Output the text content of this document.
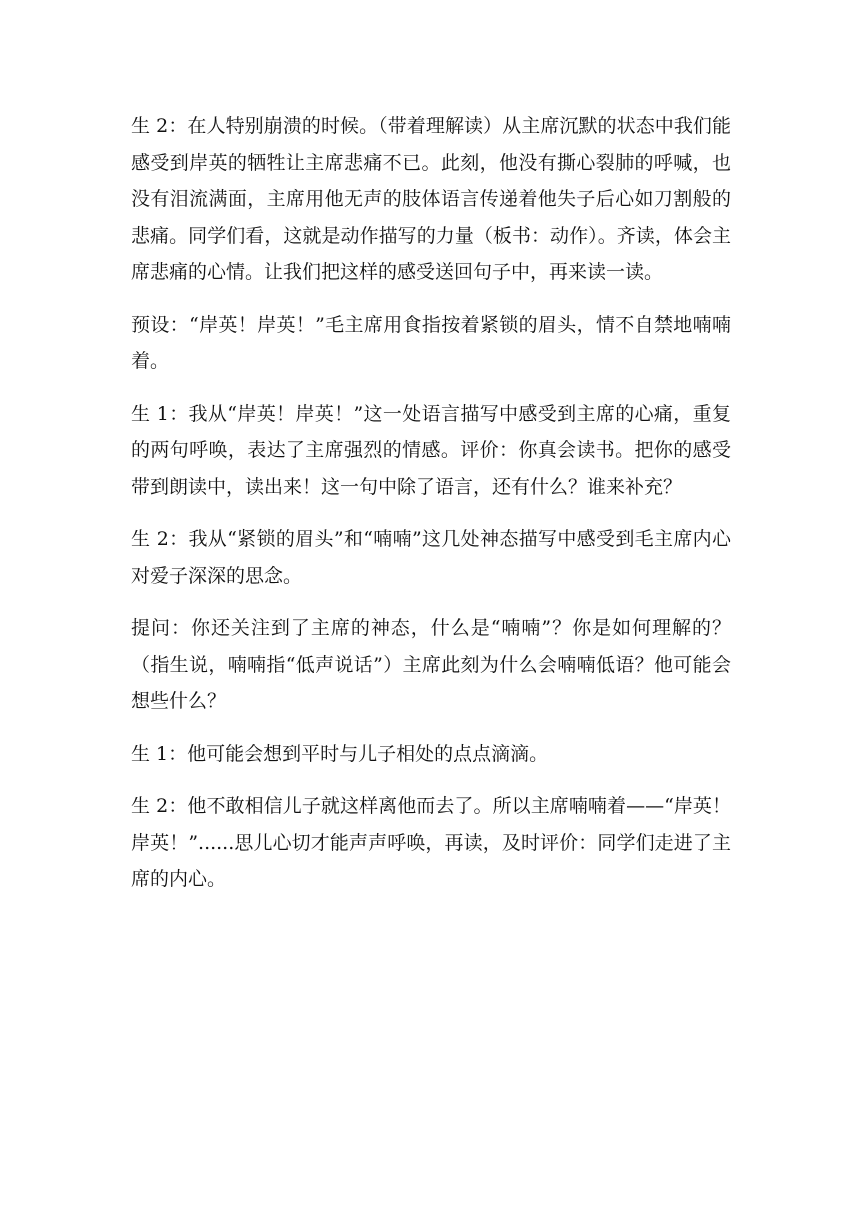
生 2：在人特别崩溃的时候。（带着理解读）从主席沉默的状态中我们能感受到岸英的牺牲让主席悲痛不已。此刻，他没有撕心裂肺的呼喊，也没有泪流满面，主席用他无声的肢体语言传递着他失子后心如刀割般的悲痛。同学们看，这就是动作描写的力量（板书：动作）。齐读，体会主席悲痛的心情。让我们把这样的感受送回句子中，再来读一读。

预设：“岸英！岸英！”毛主席用食指按着紧锁的眉头，情不自禁地喃喃着。

生 1：我从“岸英！岸英！”这一处语言描写中感受到主席的心痛，重复的两句呼唤，表达了主席强烈的情感。评价：你真会读书。把你的感受带到朗读中，读出来！这一句中除了语言，还有什么？谁来补充？

生 2：我从“紧锁的眉头”和“喃喃”这几处神态描写中感受到毛主席内心对爱子深深的思念。

提问：你还关注到了主席的神态，什么是“喃喃”？你是如何理解的？（指生说，喃喃指“低声说话”）主席此刻为什么会喃喃低语？他可能会想些什么？

生 1：他可能会想到平时与儿子相处的点点滴滴。

生 2：他不敢相信儿子就这样离他而去了。所以主席喃喃着——“岸英！岸英！”......思儿心切才能声声呼唤，再读，及时评价：同学们走进了主席的内心。
